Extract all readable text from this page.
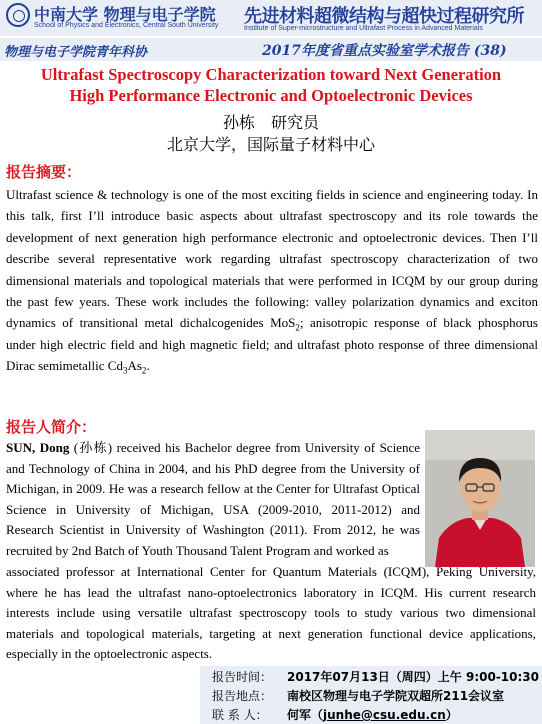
中南大学 物理与电子学院
School of Physics and Electronics, Central South University 先进材料超微结构与超快过程研究所
Institute of Super-microstructure and Ultrafast Process in Advanced Materials
物理与电子学院青年科协	2017年度省重点实验室学术报告 (38)
Ultrafast Spectroscopy Characterization toward Next Generation
High Performance Electronic and Optoelectronic Devices
孙栋　研究员
北京大学，国际量子材料中心
报告摘要：
Ultrafast science & technology is one of the most exciting fields in science and engineering today. In this talk, first I’ll introduce basic aspects about ultrafast spectroscopy and its role towards the development of next generation high performance electronic and optoelectronic devices. Then I’ll describe several representative work regarding ultrafast spectroscopy characterization of two dimensional materials and topological materials that were performed in ICQM by our group during the past few years. These work includes the following: valley polarization dynamics and exciton dynamics of transitional metal dichalcogenides MoS$_2$; anisotropic response of black phosphorus under high electric field and high magnetic field; and ultrafast photo response of three dimensional Dirac semimetallic $Cd_3As_2$.
报告人简介：
SUN, Dong (孙栋) received his Bachelor degree from University of Science and Technology of China in 2004, and his PhD degree from the University of Michigan, in 2009. He was a research fellow at the Center for Ultrafast Optical Science in University of Michigan, USA (2009-2010, 2011-2012) and Research Scientist in University of Washington (2011). From 2012, he was recruited by 2nd Batch of Youth Thousand Talent Program and worked as
associated professor at International Center for Quantum Materials (ICQM), Peking University, where he has lead the ultrafast nano-optoelectronics laboratory in ICQM. His current research interests include using versatile ultrafast spectroscopy tools to study various two dimensional materials and topological materials, targeting at next generation functional device applications, especially in the optoelectronic aspects.
报告时间： 2017年07月13日（周四）上午 9:00-10:30
报告地点： 南校区物理与电子学院双超所211会议室
联 系 人： 何军（junhe@csu.edu.cn）
